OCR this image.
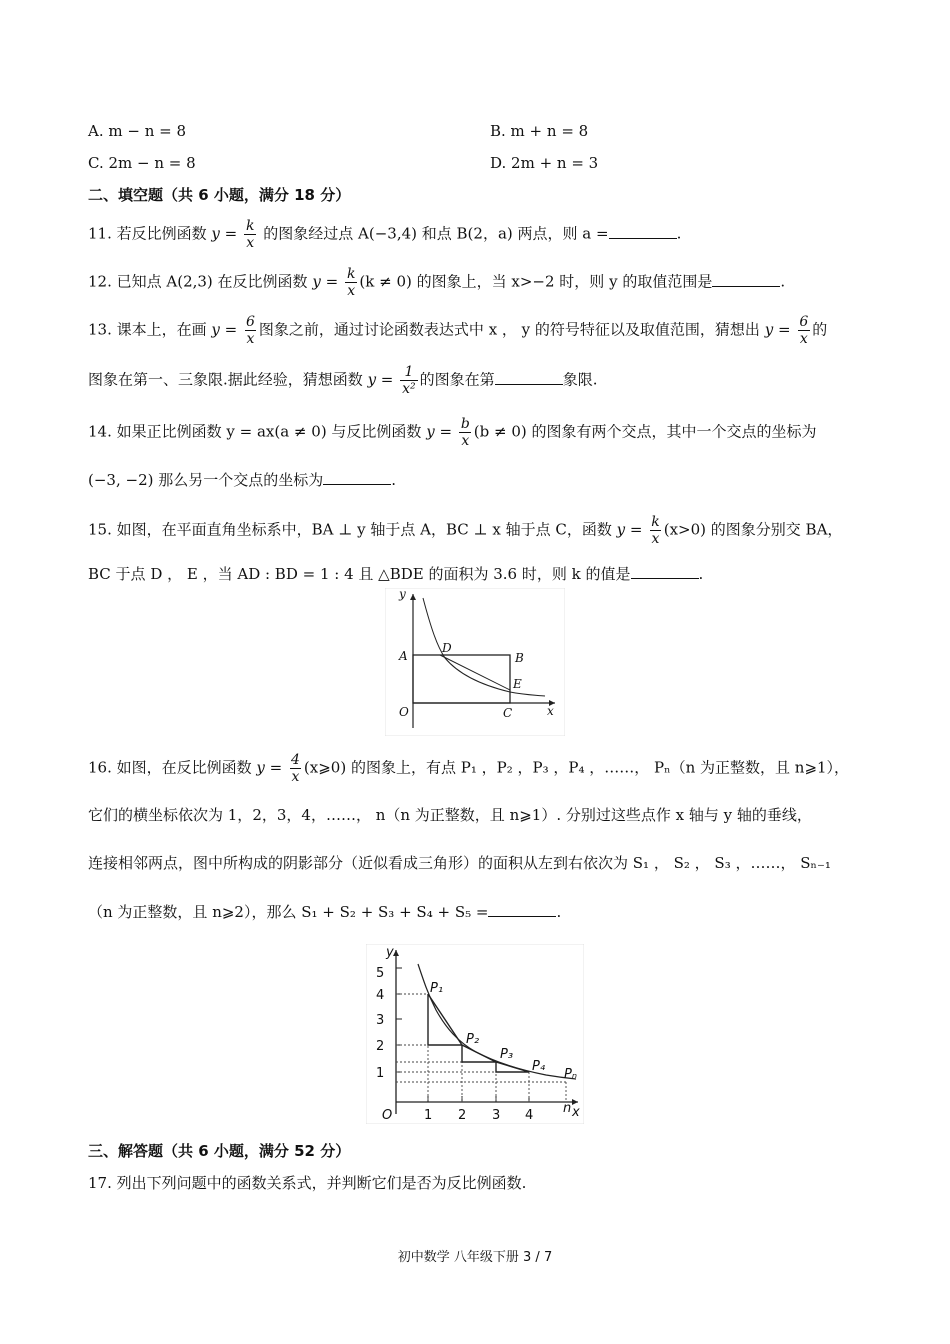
A. m − n = 8	B. m + n = 8
C. 2m − n = 8	D. 2m + n = 3
二、填空题（共 6 小题，满分 18 分）
11. 若反比例函数 $y = \frac{k}{x}$ 的图象经过点 A(−3,4) 和点 B(2，a) 两点，则 a =	.
12. 已知点 A(2,3) 在反比例函数 $y = \frac{k}{x} (k \ne 0)$ 的图象上，当 x>−2 时，则 y 的取值范围是	.
13. 课本上，在画 $y = \frac{6}{x}$ 图象之前，通过讨论函数表达式中 x ， y 的符号特征以及取值范围，猜想出 $y = \frac{6}{x}$ 的
图象在第一、三象限.据此经验，猜想函数 $y = \frac{1}{\text{x²}}$ 的图象在第	象限.
14. 如果正比例函数 y = ax(a ≠ 0) 与反比例函数 $y = \frac{b}{x} (b \ne 0)$ 的图象有两个交点，其中一个交点的坐标为
(−3, −2) 那么另一个交点的坐标为	.
15. 如图，在平面直角坐标系中，BA ⊥ y 轴于点 A，BC ⊥ x 轴于点 C，函数 $y = \frac{k}{x} (x>0)$ 的图象分别交 BA，
BC 于点 D ， E ，当 AD : BD = 1 : 4 且 △BDE 的面积为 3.6 时，则 k 的值是	.
y
A
D
B
E
O	C	x
16. 如图，在反比例函数 $y = \frac{4}{x}$ (x⩾0) 的图象上，有点 P₁ ，P₂ ，P₃ ，P₄ ，……， Pₙ（n 为正整数，且 n⩾1），
它们的横坐标依次为 1，2，3，4，……， n（n 为正整数，且 n⩾1）. 分别过这些点作 x 轴与 y 轴的垂线，
连接相邻两点，图中所构成的阴影部分（近似看成三角形）的面积从左到右依次为 S₁ ， S₂ ， S₃ ，……， Sₙ₋₁
（n 为正整数，且 n⩾2），那么 S₁ + S₂ + S₃ + S₄ + S₅ =	.
5
4
3
2
1
1 2 3 4 n
O	x
y
P₁
P₂
P₃
P₄
Pₙ
三、解答题（共 6 小题，满分 52 分）
17. 列出下列问题中的函数关系式，并判断它们是否为反比例函数.
初中数学 八年级下册 3 / 7
